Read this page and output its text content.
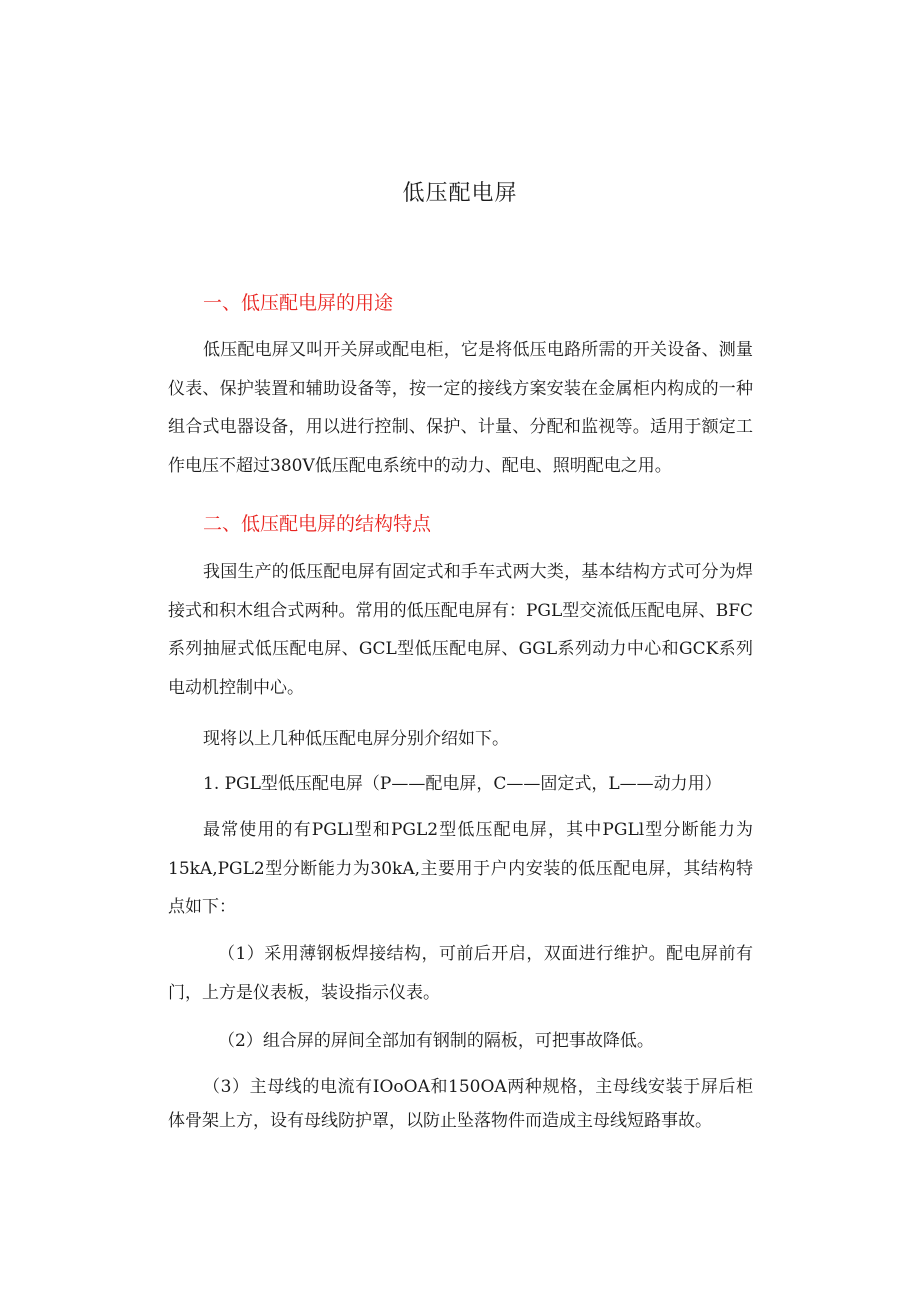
低压配电屏
一、低压配电屏的用途

低压配电屏又叫开关屏或配电柜，它是将低压电路所需的开关设备、测量仪表、保护装置和辅助设备等，按一定的接线方案安装在金属柜内构成的一种组合式电器设备，用以进行控制、保护、计量、分配和监视等。适用于额定工作电压不超过380V低压配电系统中的动力、配电、照明配电之用。

二、低压配电屏的结构特点

我国生产的低压配电屏有固定式和手车式两大类，基本结构方式可分为焊接式和积木组合式两种。常用的低压配电屏有：PGL型交流低压配电屏、BFC系列抽屉式低压配电屏、GCL型低压配电屏、GGL系列动力中心和GCK系列电动机控制中心。

现将以上几种低压配电屏分别介绍如下。

1. PGL型低压配电屏（P——配电屏，C——固定式，L——动力用）

最常使用的有PGLl型和PGL2型低压配电屏，其中PGLl型分断能力为15kA,PGL2型分断能力为30kA,主要用于户内安装的低压配电屏，其结构特点如下：

（1）采用薄钢板焊接结构，可前后开启，双面进行维护。配电屏前有门，上方是仪表板，装设指示仪表。

（2）组合屏的屏间全部加有钢制的隔板，可把事故降低。

（3）主母线的电流有IOoOA和150OA两种规格，主母线安装于屏后柜体骨架上方，设有母线防护罩，以防止坠落物件而造成主母线短路事故。
